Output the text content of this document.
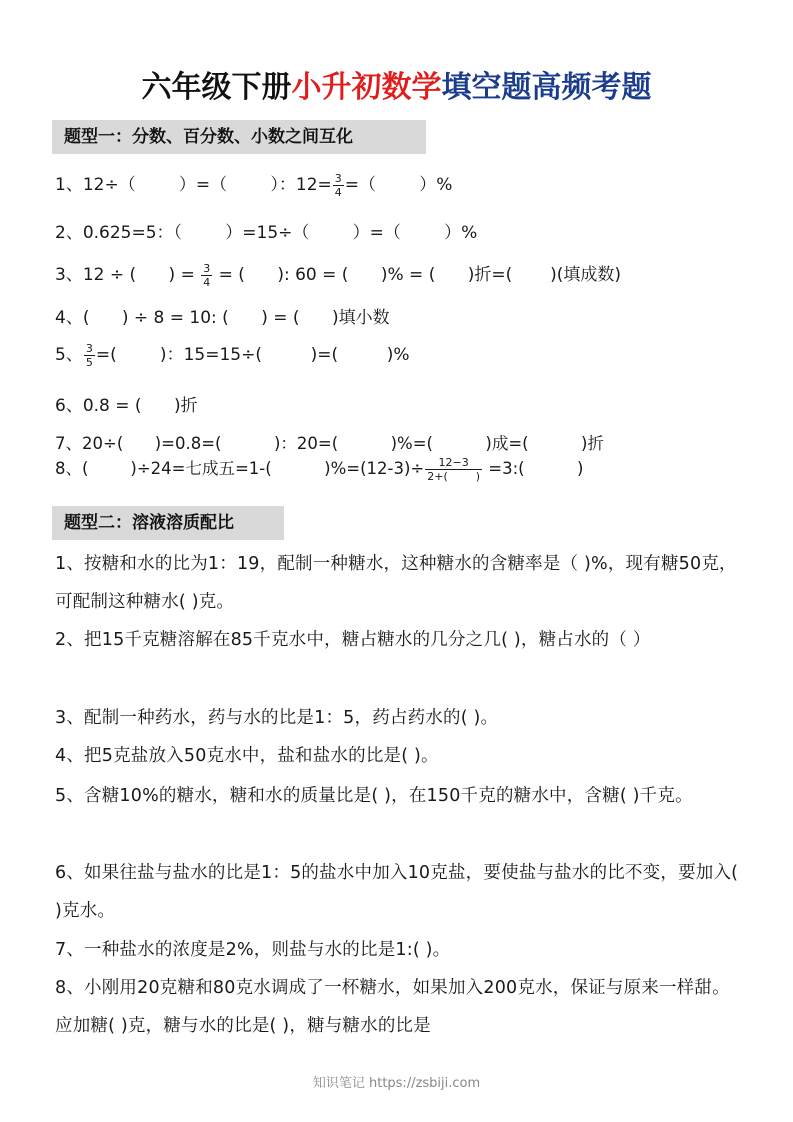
六年级下册小升初数学填空题高频考题
题型一：分数、百分数、小数之间互化
1、12÷（        ）=（        ）：$12= \frac{3}{4}$ =（        ）%
2、0.625=5：（        ）=15÷（        ）=（        ）%
3、12 ÷ (      ) = $\frac{3}{4}$ = (      ): 60 = (      )% = (      )折=(       )(填成数)
4、(      ) ÷ 8 = 10: (      ) = (      )填小数
5、 $\frac{3}{5}$ =(        )：15=15÷(         )=(         )%
6、0.8 = (      )折
7、20÷(      )=0.8=(          )：20=(          )%=(          )成=(          )折
8、(        )÷24=七成五=1-(          )$\%=(12-3)\div \frac{12-3}{2+( )}$ =3:(          )
题型二：溶液溶质配比
1、按糖和水的比为1：19，配制一种糖水，这种糖水的含糖率是（ )%，现有糖50克，可配制这种糖水( )克。
2、把15千克糖溶解在85千克水中，糖占糖水的几分之几( )，糖占水的（ ）
3、配制一种药水，药与水的比是1：5，药占药水的( )。
4、把5克盐放入50克水中，盐和盐水的比是( )。
5、含糖10%的糖水，糖和水的质量比是( )，在150千克的糖水中，含糖( )千克。
6、如果往盐与盐水的比是1：5的盐水中加入10克盐，要使盐与盐水的比不变，要加入( )克水。
7、一种盐水的浓度是2%，则盐与水的比是1:( )。
8、小刚用20克糖和80克水调成了一杯糖水，如果加入200克水，保证与原来一样甜。应加糖( )克，糖与水的比是( )，糖与糖水的比是
知识笔记 https://zsbiji.com
